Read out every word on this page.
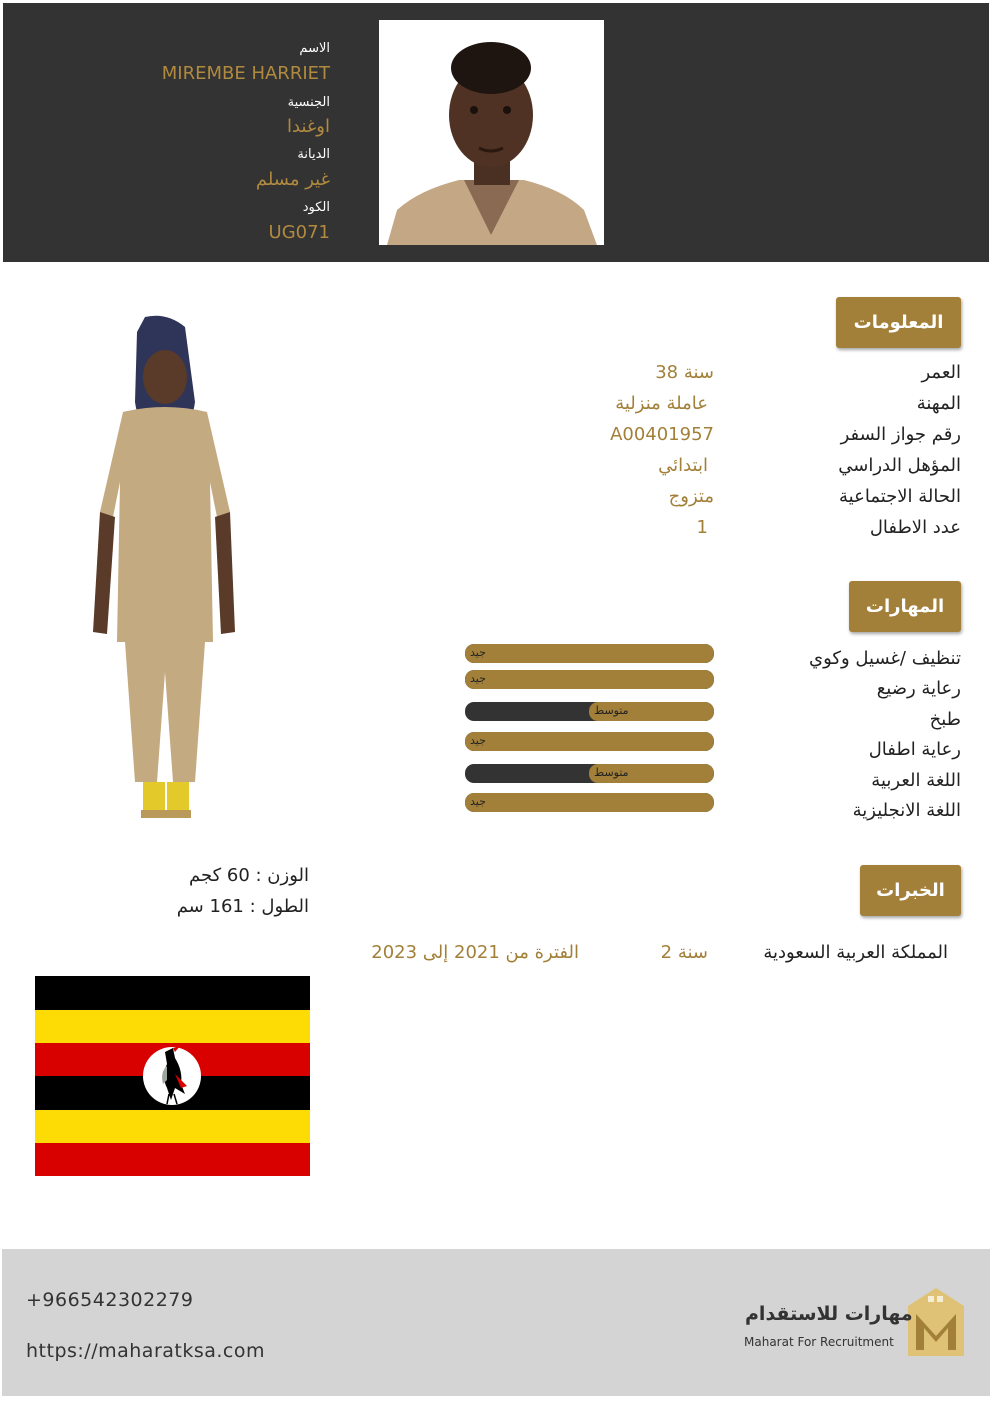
الاسم
MIREMBE HARRIET
الجنسية
اوغندا
الديانة
غير مسلم
الكود
UG071
المعلومات
العمر
38 سنة
المهنة
عاملة منزلية
رقم جواز السفر
A00401957
المؤهل الدراسي
ابتدائي
الحالة الاجتماعية
متزوج
عدد الاطفال
1
المهارات
تنظيف /غسيل وكوي
رعاية رضيع
طبخ
رعاية اطفال
اللغة العربية
اللغة الانجليزية
جيد
جيد
متوسط
جيد
متوسط
جيد
الخبرات
المملكة العربية السعودية
2 سنة
الفترة من 2021 إلى 2023
الوزن : 60 كجم
الطول : 161 سم
+966542302279
https://maharatksa.com
مهارات للاستقدام
Maharat For Recruitment
